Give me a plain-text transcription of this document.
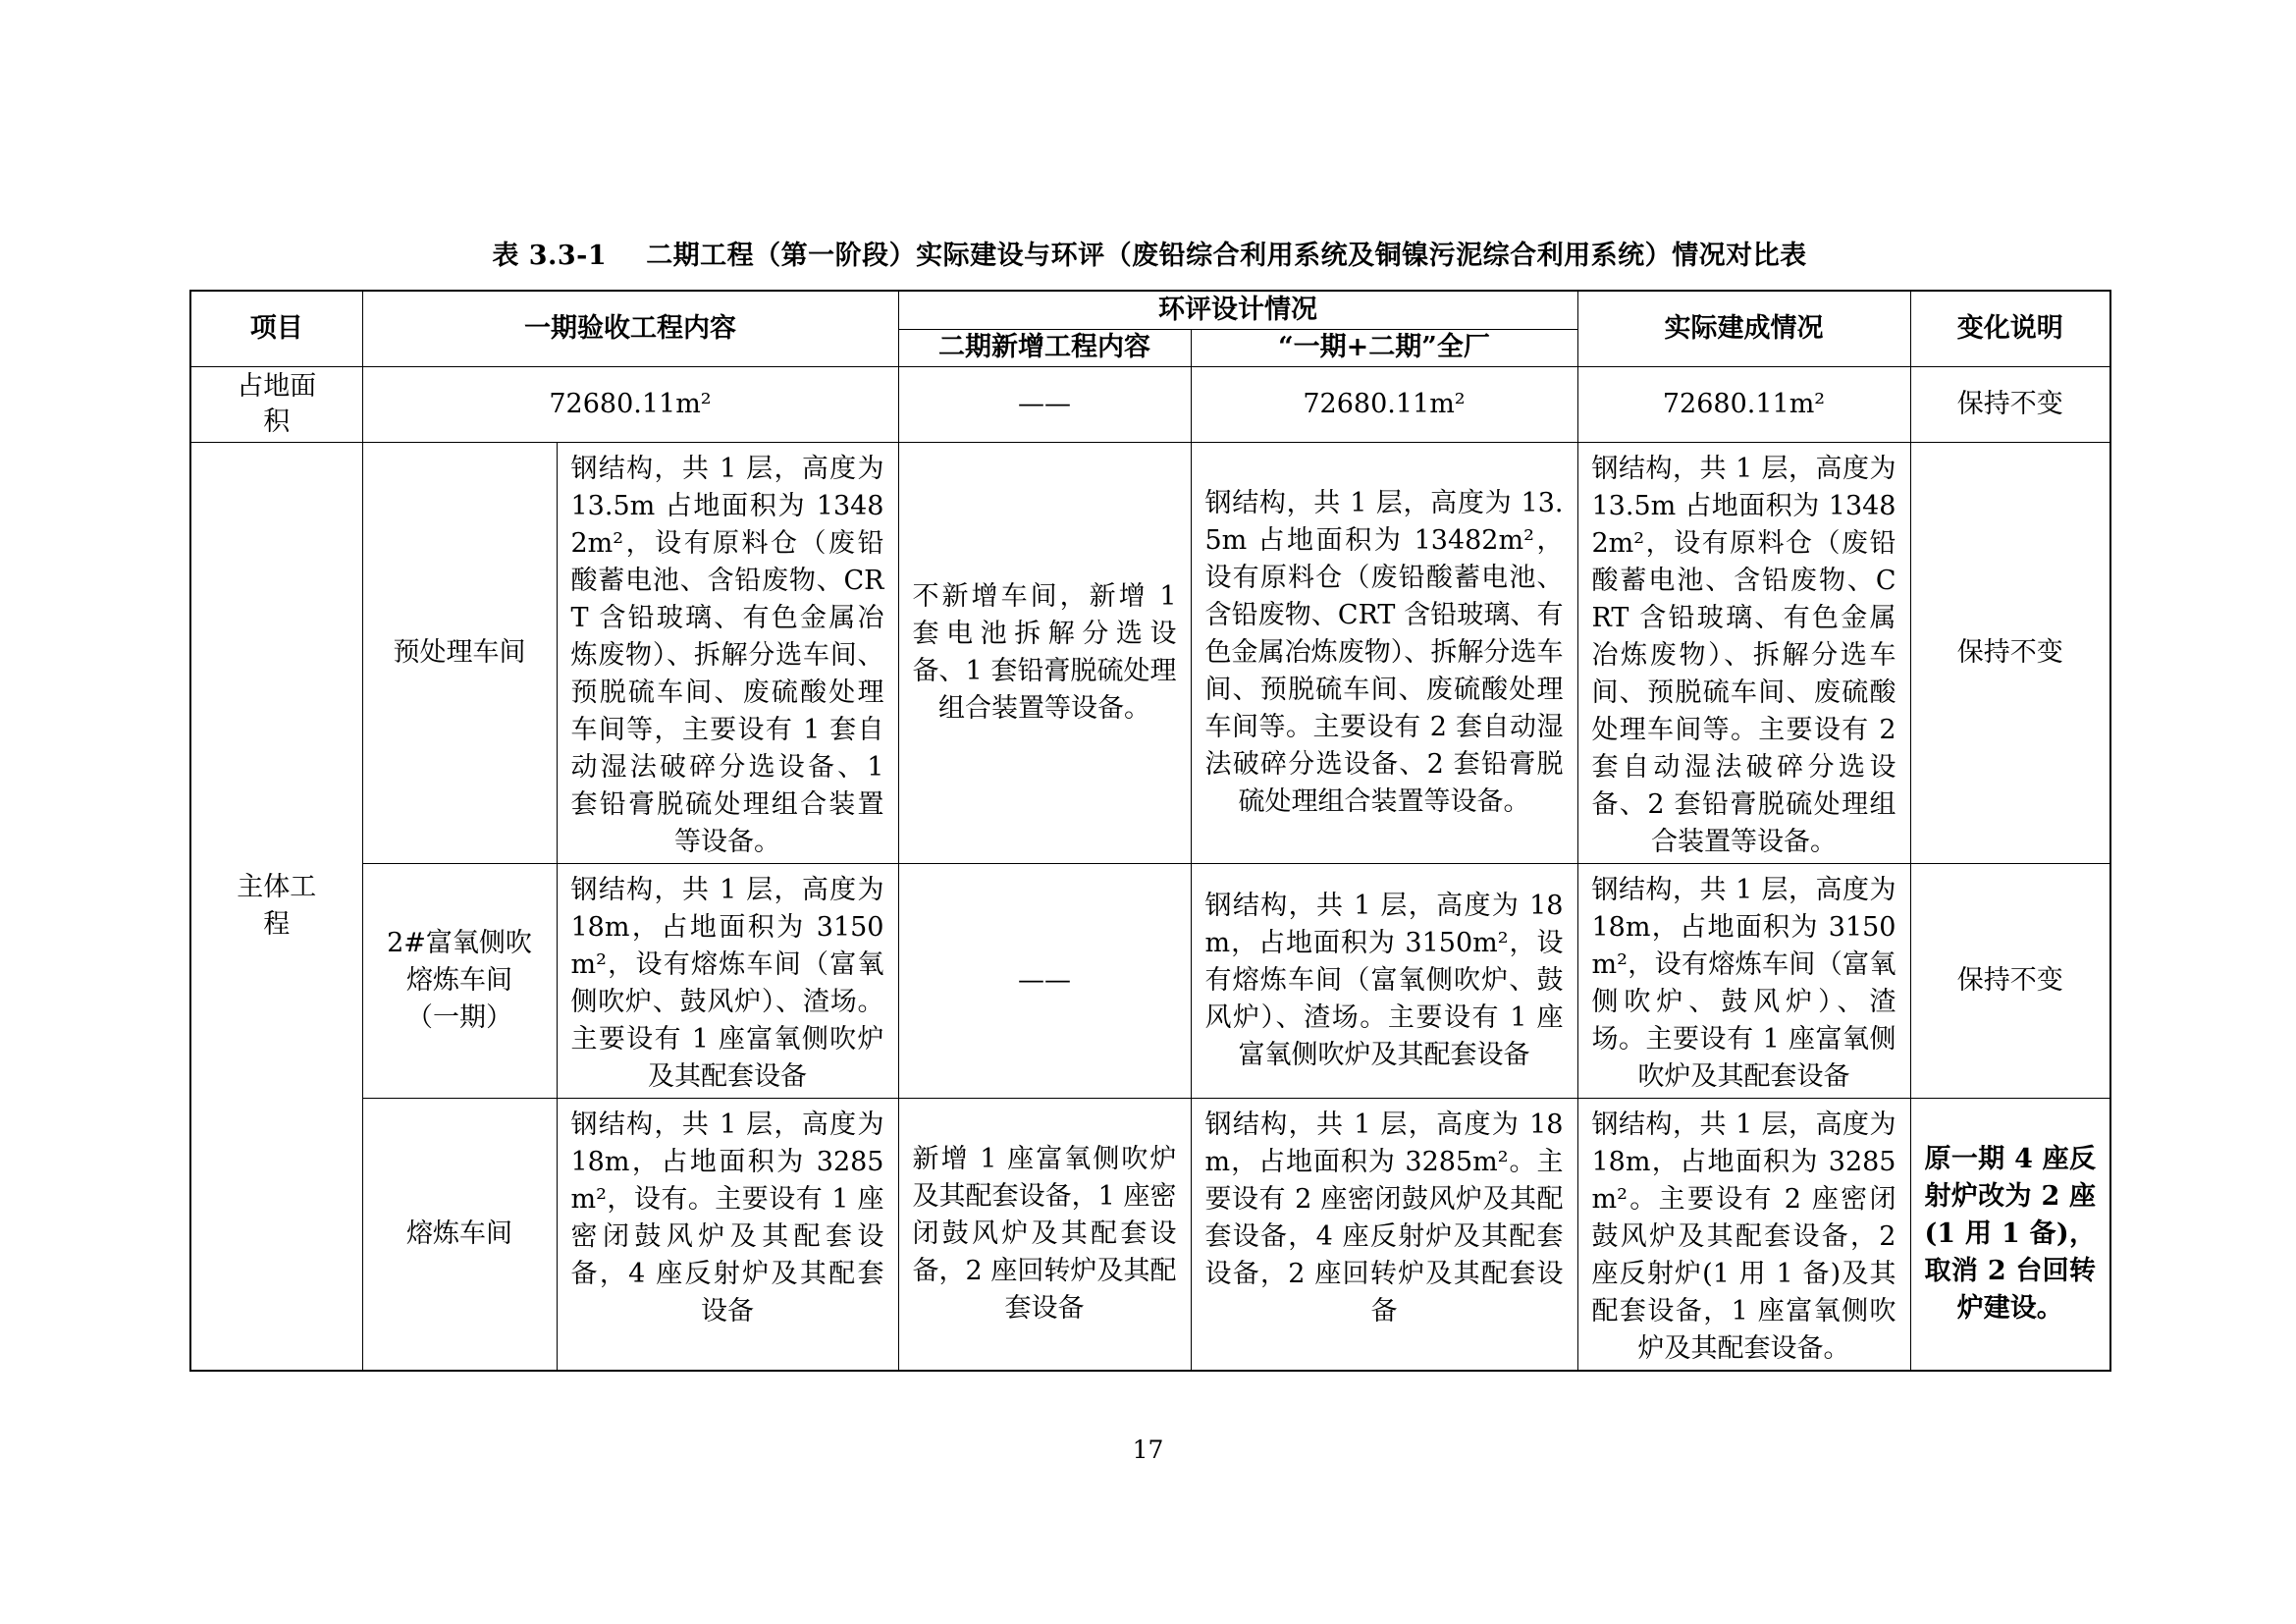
表 3.3-1 二期工程（第一阶段）实际建设与环评（废铅综合利用系统及铜镍污泥综合利用系统）情况对比表
项目	一期验收工程内容		环评设计情况		实际建成情况	变化说明
			二期新增工程内容	“一期+二期”全厂		
占地面积	72680.11m²		——	72680.11m²	72680.11m²	保持不变
主体工程	预处理车间	钢结构，共 1 层，高度为 13.5m 占地面积为 13482m²，设有原料仓（废铅酸蓄电池、含铅废物、CRT 含铅玻璃、有色金属冶炼废物）、拆解分选车间、预脱硫车间、废硫酸处理车间等，主要设有 1 套自动湿法破碎分选设备、1 套铅膏脱硫处理组合装置等设备。	不新增车间，新增 1 套电池拆解分选设备、1 套铅膏脱硫处理组合装置等设备。	钢结构，共 1 层，高度为 13.5m 占地面积为 13482m²，设有原料仓（废铅酸蓄电池、含铅废物、CRT 含铅玻璃、有色金属冶炼废物）、拆解分选车间、预脱硫车间、废硫酸处理车间等。主要设有 2 套自动湿法破碎分选设备、2 套铅膏脱硫处理组合装置等设备。	钢结构，共 1 层，高度为 13.5m 占地面积为 13482m²，设有原料仓（废铅酸蓄电池、含铅废物、CRT 含铅玻璃、有色金属冶炼废物）、拆解分选车间、预脱硫车间、废硫酸处理车间等。主要设有 2 套自动湿法破碎分选设备、2 套铅膏脱硫处理组合装置等设备。	保持不变
	2#富氧侧吹熔炼车间（一期）	钢结构，共 1 层，高度为 18m，占地面积为 3150m²，设有熔炼车间（富氧侧吹炉、鼓风炉）、渣场。主要设有 1 座富氧侧吹炉及其配套设备	——	钢结构，共 1 层，高度为 18m，占地面积为 3150m²，设有熔炼车间（富氧侧吹炉、鼓风炉）、渣场。主要设有 1 座富氧侧吹炉及其配套设备	钢结构，共 1 层，高度为 18m，占地面积为 3150m²，设有熔炼车间（富氧侧吹炉、鼓风炉）、渣场。主要设有 1 座富氧侧吹炉及其配套设备	保持不变
	熔炼车间	钢结构，共 1 层，高度为 18m，占地面积为 3285m²，设有。主要设有 1 座密闭鼓风炉及其配套设备，4 座反射炉及其配套设备	新增 1 座富氧侧吹炉及其配套设备，1 座密闭鼓风炉及其配套设备，2 座回转炉及其配套设备	钢结构，共 1 层，高度为 18m，占地面积为 3285m²。主要设有 2 座密闭鼓风炉及其配套设备，4 座反射炉及其配套设备，2 座回转炉及其配套设备	钢结构，共 1 层，高度为 18m，占地面积为 3285m²。主要设有 2 座密闭鼓风炉及其配套设备，2 座反射炉(1 用 1 备)及其配套设备，1 座富氧侧吹炉及其配套设备。	原一期 4 座反射炉改为 2 座(1 用 1 备)，取消 2 台回转炉建设。
17
